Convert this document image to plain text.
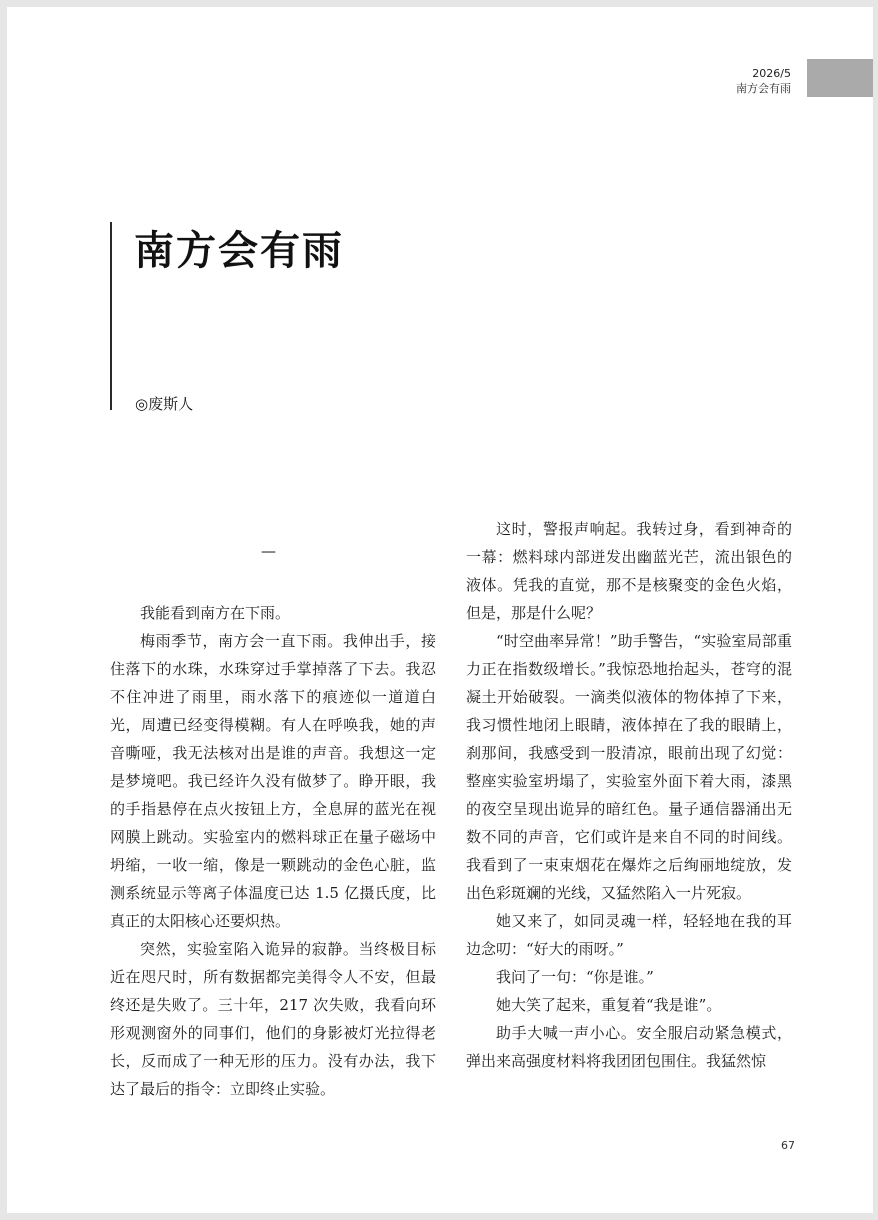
2026/5
南方会有雨
南方会有雨
◎废斯人
—

我能看到南方在下雨。

梅雨季节，南方会一直下雨。我伸出手，接住落下的水珠，水珠穿过手掌掉落了下去。我忍不住冲进了雨里，雨水落下的痕迹似一道道白光，周遭已经变得模糊。有人在呼唤我，她的声音嘶哑，我无法核对出是谁的声音。我想这一定是梦境吧。我已经许久没有做梦了。睁开眼，我的手指悬停在点火按钮上方，全息屏的蓝光在视网膜上跳动。实验室内的燃料球正在量子磁场中坍缩，一收一缩，像是一颗跳动的金色心脏，监测系统显示等离子体温度已达 1.5 亿摄氏度，比真正的太阳核心还要炽热。

突然，实验室陷入诡异的寂静。当终极目标近在咫尺时，所有数据都完美得令人不安，但最终还是失败了。三十年，217 次失败，我看向环形观测窗外的同事们，他们的身影被灯光拉得老长，反而成了一种无形的压力。没有办法，我下达了最后的指令：立即终止实验。

这时，警报声响起。我转过身，看到神奇的一幕：燃料球内部迸发出幽蓝光芒，流出银色的液体。凭我的直觉，那不是核聚变的金色火焰，但是，那是什么呢？

“时空曲率异常！”助手警告，“实验室局部重力正在指数级增长。”我惊恐地抬起头，苍穹的混凝土开始破裂。一滴类似液体的物体掉了下来，我习惯性地闭上眼睛，液体掉在了我的眼睛上，刹那间，我感受到一股清凉，眼前出现了幻觉：整座实验室坍塌了，实验室外面下着大雨，漆黑的夜空呈现出诡异的暗红色。量子通信器涌出无数不同的声音，它们或许是来自不同的时间线。我看到了一束束烟花在爆炸之后绚丽地绽放，发出色彩斑斓的光线，又猛然陷入一片死寂。

她又来了，如同灵魂一样，轻轻地在我的耳边念叨：“好大的雨呀。”

我问了一句：“你是谁。”

她大笑了起来，重复着“我是谁”。

助手大喊一声小心。安全服启动紧急模式，弹出来高强度材料将我团团包围住。我猛然惊

67
